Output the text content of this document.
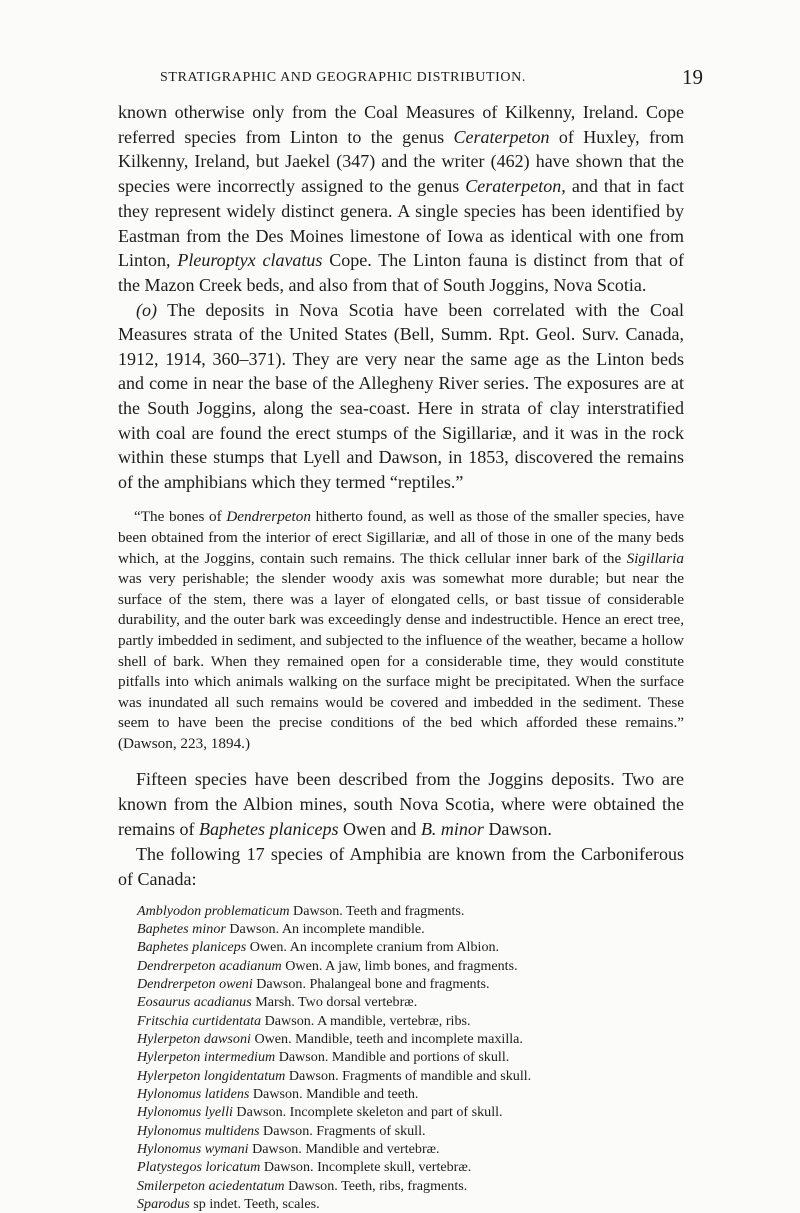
STRATIGRAPHIC AND GEOGRAPHIC DISTRIBUTION.	19

known otherwise only from the Coal Measures of Kilkenny, Ireland. Cope referred species from Linton to the genus Ceraterpeton of Huxley, from Kilkenny, Ireland, but Jaekel (347) and the writer (462) have shown that the species were incorrectly assigned to the genus Ceraterpeton, and that in fact they represent widely distinct genera. A single species has been identified by Eastman from the Des Moines limestone of Iowa as identical with one from Linton, Pleuroptyx clavatus Cope. The Linton fauna is distinct from that of the Mazon Creek beds, and also from that of South Joggins, Nova Scotia.

(o) The deposits in Nova Scotia have been correlated with the Coal Measures strata of the United States (Bell, Summ. Rpt. Geol. Surv. Canada, 1912, 1914, 360–371). They are very near the same age as the Linton beds and come in near the base of the Allegheny River series. The exposures are at the South Joggins, along the sea-coast. Here in strata of clay interstratified with coal are found the erect stumps of the Sigillariæ, and it was in the rock within these stumps that Lyell and Dawson, in 1853, discovered the remains of the amphibians which they termed “reptiles.”

“The bones of Dendrerpeton hitherto found, as well as those of the smaller species, have been obtained from the interior of erect Sigillariæ, and all of those in one of the many beds which, at the Joggins, contain such remains. The thick cellular inner bark of the Sigillaria was very perishable; the slender woody axis was somewhat more durable; but near the surface of the stem, there was a layer of elongated cells, or bast tissue of considerable durability, and the outer bark was exceedingly dense and indestructible. Hence an erect tree, partly imbedded in sediment, and subjected to the influence of the weather, became a hollow shell of bark. When they remained open for a considerable time, they would constitute pitfalls into which animals walking on the surface might be precipitated. When the surface was inundated all such remains would be covered and imbedded in the sediment. These seem to have been the precise conditions of the bed which afforded these remains.” (Dawson, 223, 1894.)

Fifteen species have been described from the Joggins deposits. Two are known from the Albion mines, south Nova Scotia, where were obtained the remains of Baphetes planiceps Owen and B. minor Dawson.

The following 17 species of Amphibia are known from the Carboniferous of Canada:

Amblyodon problematicum Dawson. Teeth and fragments.
Baphetes minor Dawson. An incomplete mandible.
Baphetes planiceps Owen. An incomplete cranium from Albion.
Dendrerpeton acadianum Owen. A jaw, limb bones, and fragments.
Dendrerpeton oweni Dawson. Phalangeal bone and fragments.
Eosaurus acadianus Marsh. Two dorsal vertebræ.
Fritschia curtidentata Dawson. A mandible, vertebræ, ribs.
Hylerpeton dawsoni Owen. Mandible, teeth and incomplete maxilla.
Hylerpeton intermedium Dawson. Mandible and portions of skull.
Hylerpeton longidentatum Dawson. Fragments of mandible and skull.
Hylonomus latidens Dawson. Mandible and teeth.
Hylonomus lyelli Dawson. Incomplete skeleton and part of skull.
Hylonomus multidens Dawson. Fragments of skull.
Hylonomus wymani Dawson. Mandible and vertebræ.
Platystegos loricatum Dawson. Incomplete skull, vertebræ.
Smilerpeton aciedentatum Dawson. Teeth, ribs, fragments.
Sparodus sp indet. Teeth, scales.
